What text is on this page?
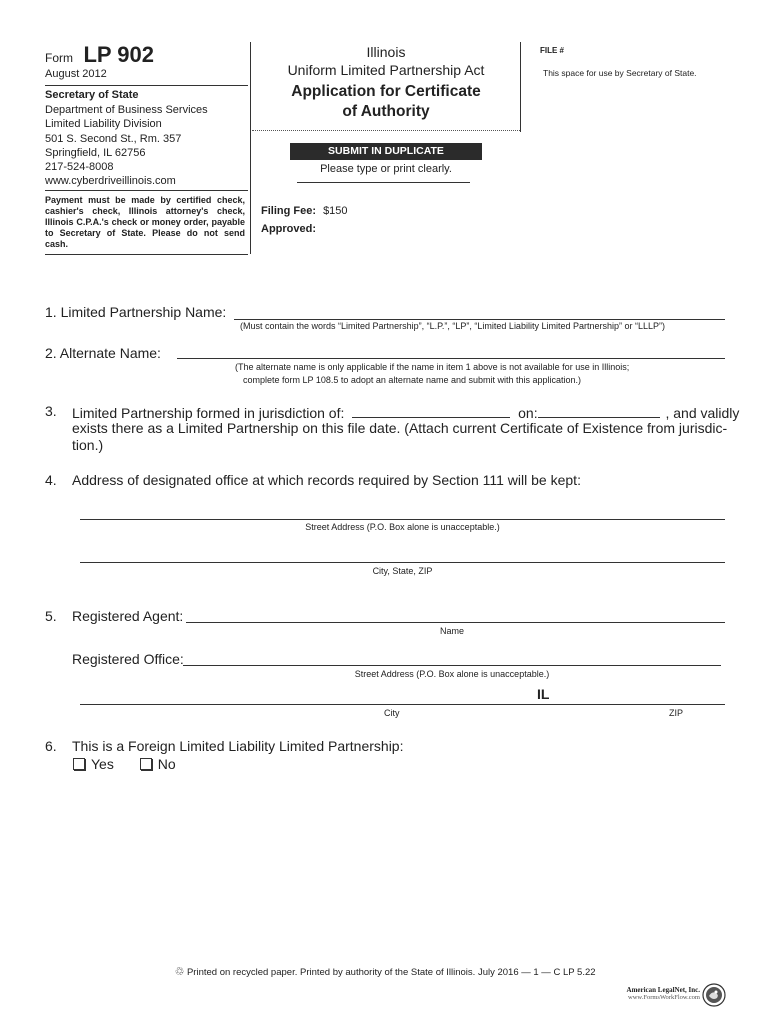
Form LP 902
August 2012
Secretary of State
Department of Business Services
Limited Liability Division
501 S. Second St., Rm. 357
Springfield, IL 62756
217-524-8008
www.cyberdriveillinois.com
Payment must be made by certified check, cashier's check, Illinois attorney's check, Illinois C.P.A.'s check or money order, payable to Secretary of State. Please do not send cash.
Illinois
Uniform Limited Partnership Act
Application for Certificate
of Authority
SUBMIT IN DUPLICATE
Please type or print clearly.
Filing Fee: $150
Approved:
FILE #
This space for use by Secretary of State.
1. Limited Partnership Name:
(Must contain the words “Limited Partnership”, “L.P.”, “LP”, “Limited Liability Limited Partnership” or “LLLP”)
2. Alternate Name:
(The alternate name is only applicable if the name in item 1 above is not available for use in Illinois;
complete form LP 108.5 to adopt an alternate name and submit with this application.)
3. Limited Partnership formed in jurisdiction of:	on:	, and validly
exists there as a Limited Partnership on this file date. (Attach current Certificate of Existence from jurisdic-
tion.)
4. Address of designated office at which records required by Section 111 will be kept:
Street Address (P.O. Box alone is unacceptable.)
City, State, ZIP
5. Registered Agent:
Name
Registered Office:
Street Address (P.O. Box alone is unacceptable.)
IL
City	ZIP
6. This is a Foreign Limited Liability Limited Partnership:
Yes	No
♲ Printed on recycled paper. Printed by authority of the State of Illinois. July 2016 — 1 — C LP 5.22
American LegalNet, Inc.
www.FormsWorkFlow.com
